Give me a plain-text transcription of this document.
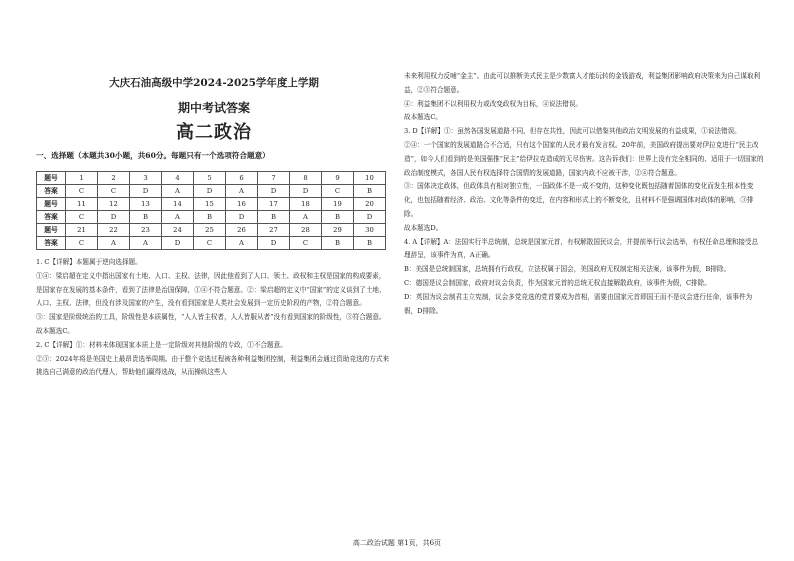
大庆石油高级中学2024-2025学年度上学期
期中考试答案
高二政治
一、选择题（本题共30小题，共60分。每题只有一个选项符合题意）
题号	1	2	3	4	5	6	7	8	9	10
答案	C	C	D	A	D	A	D	D	C	B
题号	11	12	13	14	15	16	17	18	19	20
答案	C	D	B	A	B	D	B	A	B	D
题号	21	22	23	24	25	26	27	28	29	30
答案	C	A	A	D	C	A	D	C	B	B

1. C【详解】本题属于逆向选择题。

①④：梁启超在定义中指出国家有土地、人口、主权、法律，因此他看到了人口、领土、政权和主权是国家的构成要素，是国家存在发展的基本条件，看到了法律是治国保障，①④不符合题意。②：梁启超的定义中“国家”的定义谈到了土地、人口、主权、法律，但没有涉及国家的产生，没有看到国家是人类社会发展到一定历史阶段的产物，②符合题意。

③：国家是阶级统治的工具，阶级性是本质属性，“人人皆主权者，人人皆服从者”没有看到国家的阶级性，③符合题意。

故本题选C。

2. C【详解】①：材料未体现国家本质上是一定阶级对其他阶级的专政，①不合题意。

②③：2024年将是美国史上最昂贵选举周期。由于整个竞选过程被各种利益集团控制，利益集团会通过资助竞选的方式来挑选自己满意的政治代理人，帮助他们赢得选战，从而操纵这些人

未来利用权力反哺“金主”。由此可以推断美式民主是少数富人才能玩转的金钱游戏，利益集团影响政府决策来为自己谋取利益，②③符合题意。

④：利益集团不以利用权力或改变政权为目标，④说法错误。

故本题选C。

3. D【详解】①：虽然各国发展道路不同，但存在共性，因此可以借鉴其他政治文明发展的有益成果，①说法错误。

②④：一个国家的发展道路合不合适，只有这个国家的人民才最有发言权。20年前，美国政府提出要对伊拉克进行“民主改造”，如今人们看到的是美国强推“民主”给伊拉克造成的无尽伤害。这告诉我们：世界上没有完全相同的、适用于一切国家的政治制度模式，各国人民有权选择符合国情的发展道路，国家内政不应被干涉，②④符合题意。

③：国体决定政体，但政体具有相对独立性，一国政体不是一成不变的，这种变化既包括随着国体的变化而发生根本性变化，也包括随着经济、政治、文化等条件的变迁，在内容和形式上的不断变化，且材料不是强调国体对政体的影响，③排除。

故本题选D。

4. A【详解】A：法国实行半总统制，总统是国家元首，有权解散国民议会，并提前举行议会选举，有权任命总理和接受总理辞呈，该事件为真，A正确。

B：美国是总统制国家，总统拥有行政权，立法权属于国会，美国政府无权制定相关法案，该事件为假，B排除。

C：德国是议会制国家，政府对议会负责，作为国家元首的总统无权直接解散政府，该事件为假，C排除。

D：英国为议会制君主立宪制，议会多党竞选的党首要成为首相，需要由国家元首即国王而不是议会进行任命，该事件为假，D排除。

高二政治试题 第1页，共6页
